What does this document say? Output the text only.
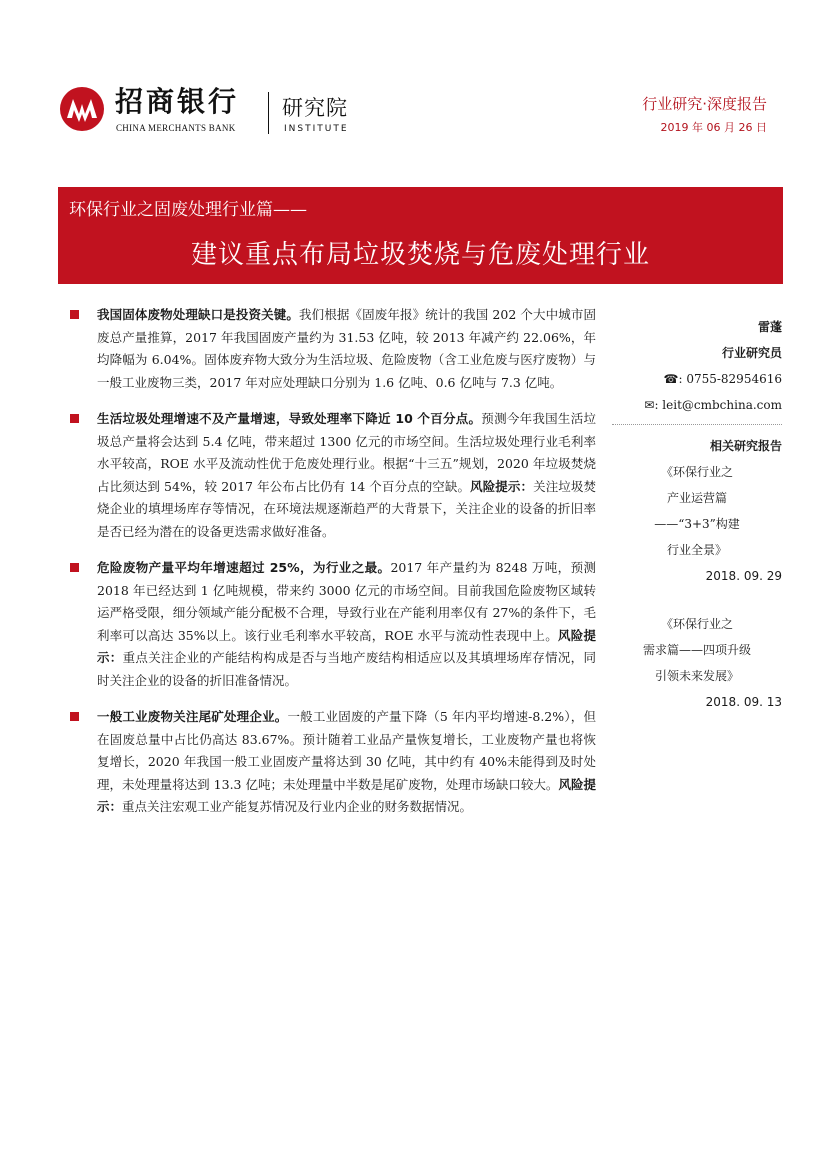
招商银行
CHINA MERCHANTS BANK
研究院
INSTITUTE
行业研究·深度报告
2019 年 06 月 26 日
环保行业之固废处理行业篇——
建议重点布局垃圾焚烧与危废处理行业
我国固体废物处理缺口是投资关键。我们根据《固废年报》统计的我国 202 个大中城市固废总产量推算，2017 年我国固废产量约为 31.53 亿吨，较 2013 年减产约 22.06%，年均降幅为 6.04%。固体废弃物大致分为生活垃圾、危险废物（含工业危废与医疗废物）与一般工业废物三类，2017 年对应处理缺口分别为 1.6 亿吨、0.6 亿吨与 7.3 亿吨。
生活垃圾处理增速不及产量增速，导致处理率下降近 10 个百分点。预测今年我国生活垃圾总产量将会达到 5.4 亿吨，带来超过 1300 亿元的市场空间。生活垃圾处理行业毛利率水平较高，ROE 水平及流动性优于危废处理行业。根据“十三五”规划，2020 年垃圾焚烧占比须达到 54%，较 2017 年公布占比仍有 14 个百分点的空缺。风险提示：关注垃圾焚烧企业的填埋场库存等情况，在环境法规逐渐趋严的大背景下，关注企业的设备的折旧率是否已经为潜在的设备更迭需求做好准备。
危险废物产量平均年增速超过 25%，为行业之最。2017 年产量约为 8248 万吨，预测 2018 年已经达到 1 亿吨规模，带来约 3000 亿元的市场空间。目前我国危险废物区域转运严格受限，细分领域产能分配极不合理，导致行业在产能利用率仅有 27%的条件下，毛利率可以高达 35%以上。该行业毛利率水平较高，ROE 水平与流动性表现中上。风险提示：重点关注企业的产能结构构成是否与当地产废结构相适应以及其填埋场库存情况，同时关注企业的设备的折旧准备情况。
一般工业废物关注尾矿处理企业。一般工业固废的产量下降（5 年内平均增速-8.2%），但在固废总量中占比仍高达 83.67%。预计随着工业品产量恢复增长，工业废物产量也将恢复增长，2020 年我国一般工业固废产量将达到 30 亿吨，其中约有 40%未能得到及时处理，未处理量将达到 13.3 亿吨；未处理量中半数是尾矿废物，处理市场缺口较大。风险提示：重点关注宏观工业产能复苏情况及行业内企业的财务数据情况。
雷蓬
行业研究员
☎: 0755-82954616
✉: leit@cmbchina.com
相关研究报告
《环保行业之
产业运营篇
——“3+3”构建
行业全景》
2018. 09. 29
《环保行业之
需求篇——四项升级
引领未来发展》
2018. 09. 13
